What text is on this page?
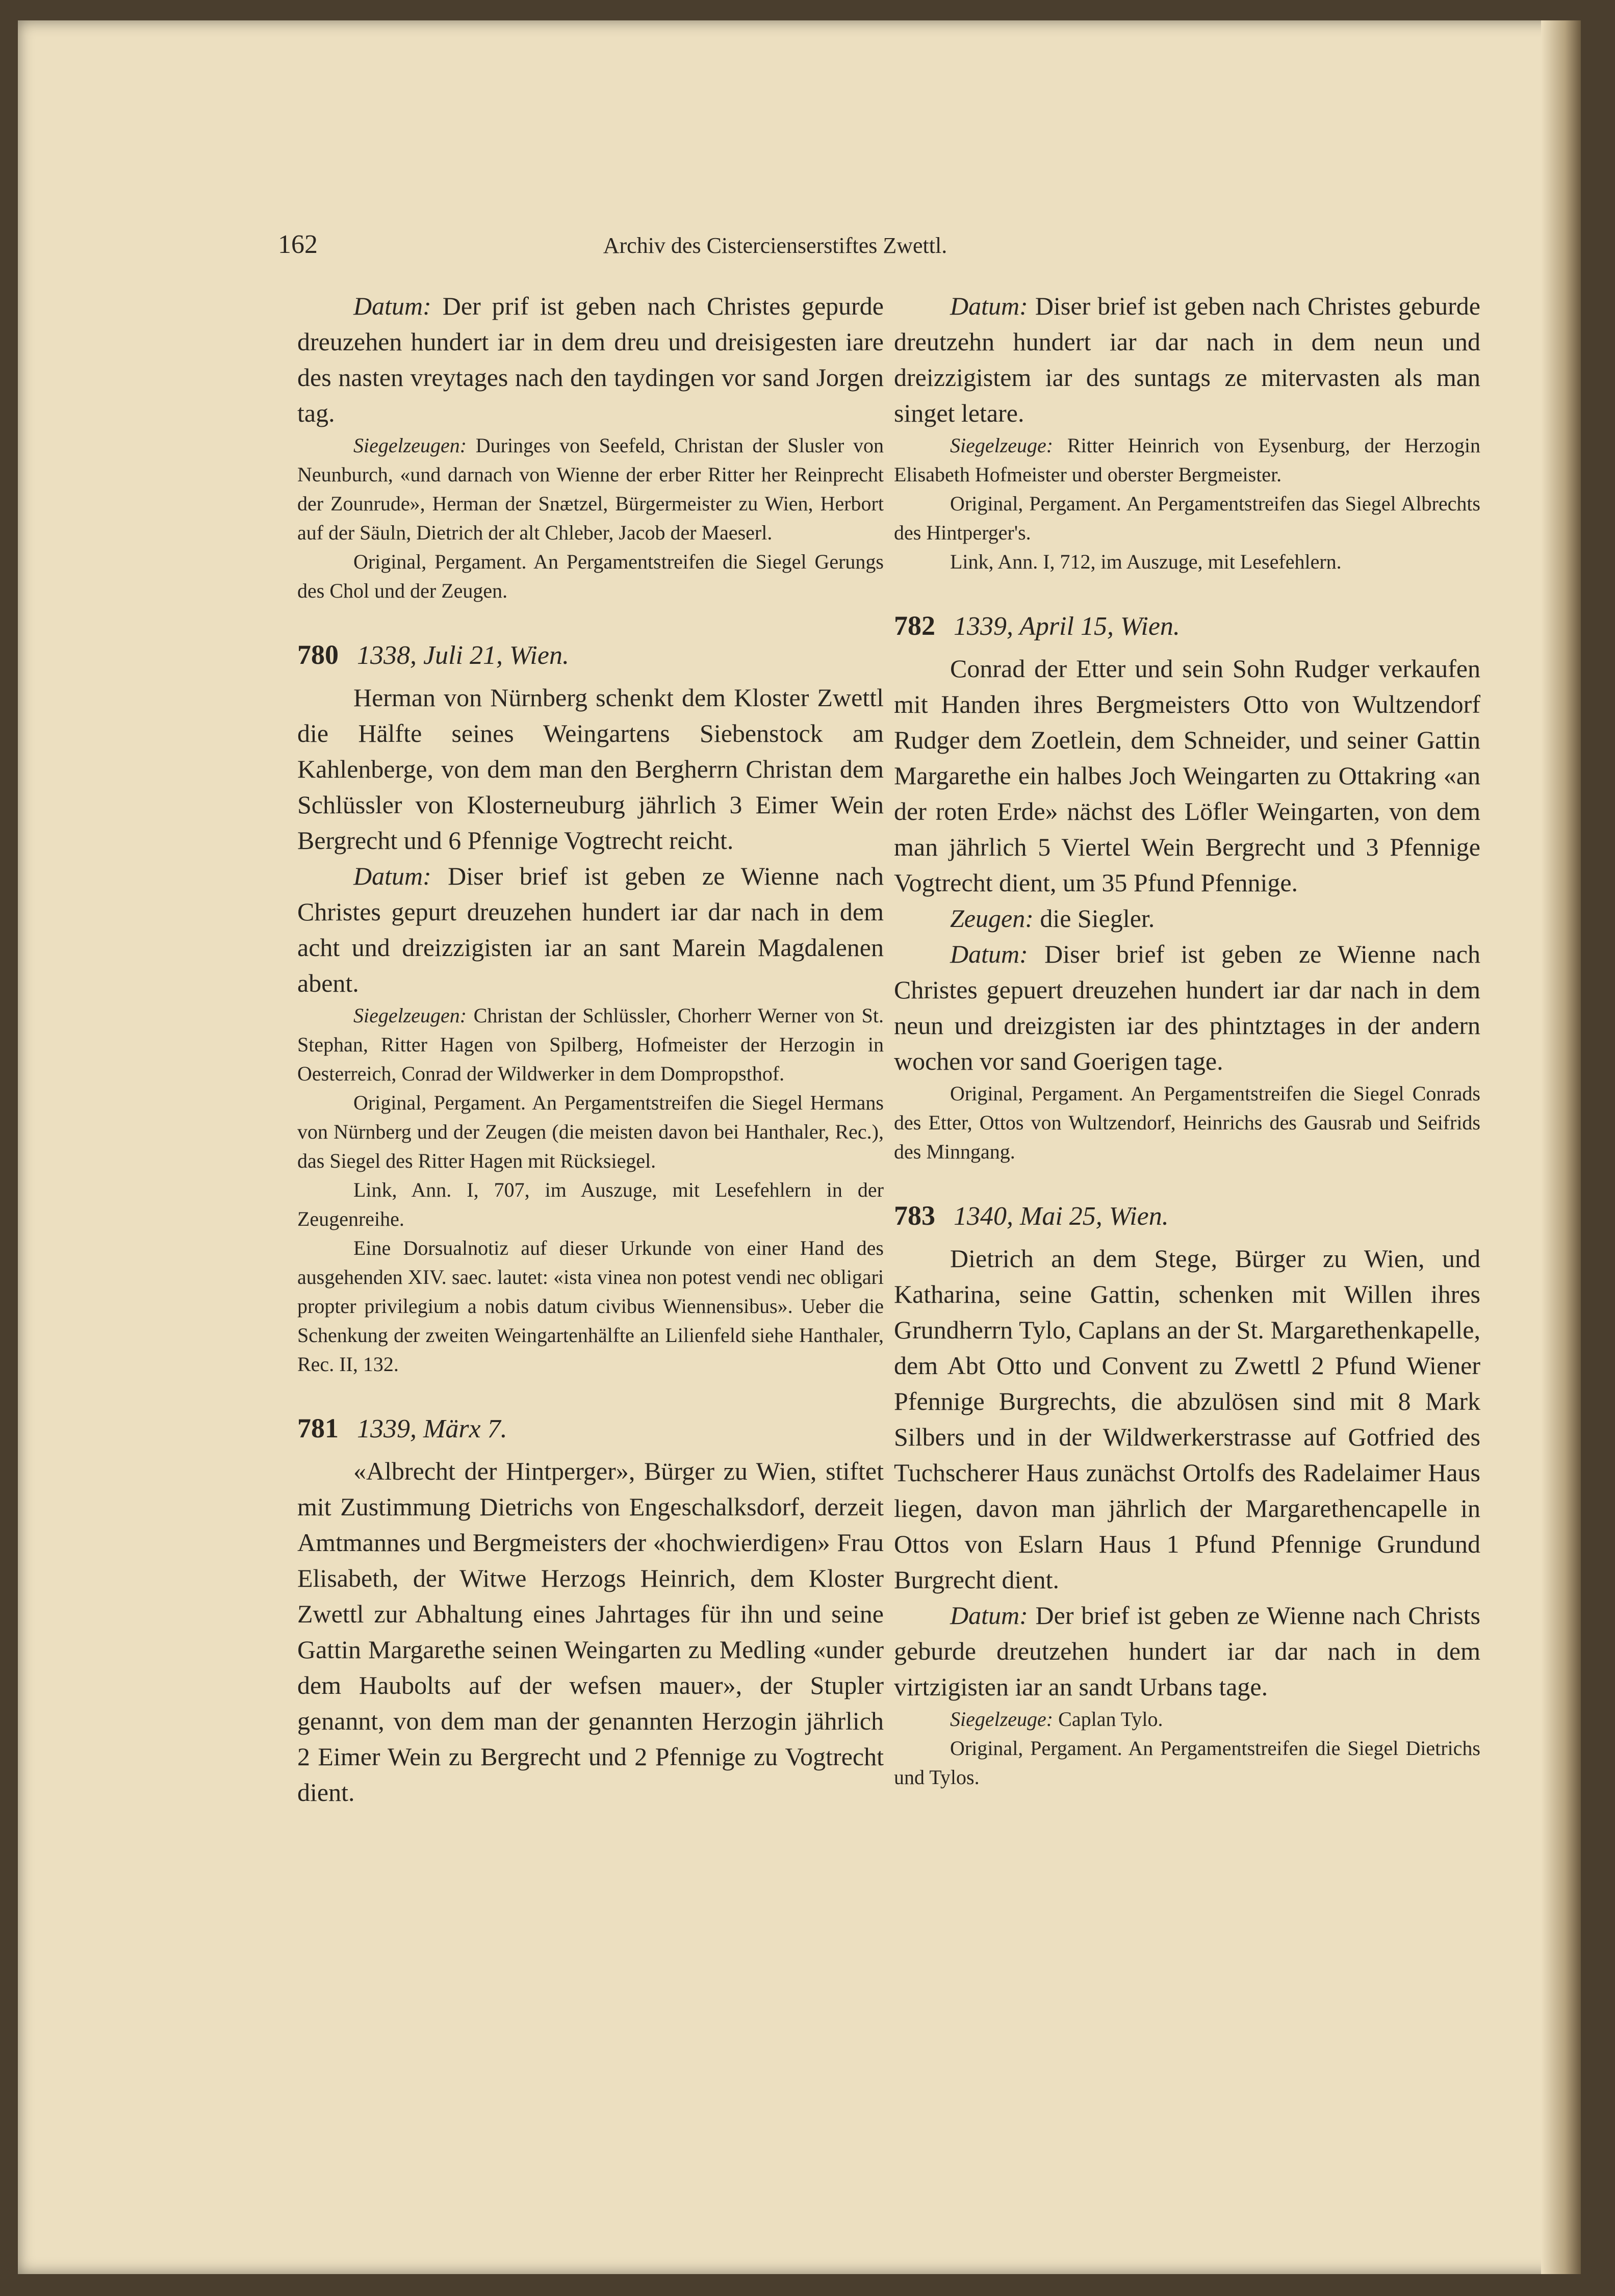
162	Archiv des Cistercienserstiftes Zwettl.

Datum: Der prif ist geben nach Christes gepurde dreuzehen hundert iar in dem dreu und dreisigesten iare des nasten vreytages nach den taydingen vor sand Jorgen tag.

Siegelzeugen: Duringes von Seefeld, Christan der Slusler von Neunburch, «und darnach von Wienne der erber Ritter her Reinprecht der Zounrude», Herman der Snætzel, Bürgermeister zu Wien, Herbort auf der Säuln, Dietrich der alt Chleber, Jacob der Maeserl.

Original, Pergament. An Pergamentstreifen die Siegel Gerungs des Chol und der Zeugen.

780 1338, Juli 21, Wien.

Herman von Nürnberg schenkt dem Kloster Zwettl die Hälfte seines Weingartens Siebenstock am Kahlenberge, von dem man den Bergherrn Christan dem Schlüssler von Klosterneuburg jährlich 3 Eimer Wein Bergrecht und 6 Pfennige Vogtrecht reicht.

Datum: Diser brief ist geben ze Wienne nach Christes gepurt dreuzehen hundert iar dar nach in dem acht und dreizzigisten iar an sant Marein Magdalenen abent.

Siegelzeugen: Christan der Schlüssler, Chorherr Werner von St. Stephan, Ritter Hagen von Spilberg, Hofmeister der Herzogin in Oesterreich, Conrad der Wildwerker in dem Dompropsthof.

Original, Pergament. An Pergamentstreifen die Siegel Hermans von Nürnberg und der Zeugen (die meisten davon bei Hanthaler, Rec.), das Siegel des Ritter Hagen mit Rücksiegel.

Link, Ann. I, 707, im Auszuge, mit Lesefehlern in der Zeugenreihe.

Eine Dorsualnotiz auf dieser Urkunde von einer Hand des ausgehenden XIV. saec. lautet: «ista vinea non potest vendi nec obligari propter privilegium a nobis datum civibus Wiennensibus». Ueber die Schenkung der zweiten Weingartenhälfte an Lilienfeld siehe Hanthaler, Rec. II, 132.

781 1339, Märx 7.

«Albrecht der Hintperger», Bürger zu Wien, stiftet mit Zustimmung Dietrichs von Engeschalksdorf, derzeit Amtmannes und Bergmeisters der «hochwierdigen» Frau Elisabeth, der Witwe Herzogs Heinrich, dem Kloster Zwettl zur Abhaltung eines Jahrtages für ihn und seine Gattin Margarethe seinen Weingarten zu Medling «under dem Haubolts auf der wefsen mauer», der Stupler genannt, von dem man der genannten Herzogin jährlich 2 Eimer Wein zu Bergrecht und 2 Pfennige zu Vogtrecht dient.

Datum: Diser brief ist geben nach Christes geburde dreutzehn hundert iar dar nach in dem neun und dreizzigistem iar des suntags ze mitervasten als man singet letare.

Siegelzeuge: Ritter Heinrich von Eysenburg, der Herzogin Elisabeth Hofmeister und oberster Bergmeister.

Original, Pergament. An Pergamentstreifen das Siegel Albrechts des Hintperger's.

Link, Ann. I, 712, im Auszuge, mit Lesefehlern.

782 1339, April 15, Wien.

Conrad der Etter und sein Sohn Rudger verkaufen mit Handen ihres Bergmeisters Otto von Wultzendorf Rudger dem Zoetlein, dem Schneider, und seiner Gattin Margarethe ein halbes Joch Weingarten zu Ottakring «an der roten Erde» nächst des Löfler Weingarten, von dem man jährlich 5 Viertel Wein Bergrecht und 3 Pfennige Vogtrecht dient, um 35 Pfund Pfennige.

Zeugen: die Siegler.

Datum: Diser brief ist geben ze Wienne nach Christes gepuert dreuzehen hundert iar dar nach in dem neun und dreizgisten iar des phintztages in der andern wochen vor sand Goerigen tage.

Original, Pergament. An Pergamentstreifen die Siegel Conrads des Etter, Ottos von Wultzendorf, Heinrichs des Gausrab und Seifrids des Minngang.

783 1340, Mai 25, Wien.

Dietrich an dem Stege, Bürger zu Wien, und Katharina, seine Gattin, schenken mit Willen ihres Grundherrn Tylo, Caplans an der St. Margarethenkapelle, dem Abt Otto und Convent zu Zwettl 2 Pfund Wiener Pfennige Burgrechts, die abzulösen sind mit 8 Mark Silbers und in der Wildwerkerstrasse auf Gotfried des Tuchscherer Haus zunächst Ortolfs des Radelaimer Haus liegen, davon man jährlich der Margarethencapelle in Ottos von Eslarn Haus 1 Pfund Pfennige Grundund Burgrecht dient.

Datum: Der brief ist geben ze Wienne nach Christs geburde dreutzehen hundert iar dar nach in dem virtzigisten iar an sandt Urbans tage.

Siegelzeuge: Caplan Tylo.

Original, Pergament. An Pergamentstreifen die Siegel Dietrichs und Tylos.
